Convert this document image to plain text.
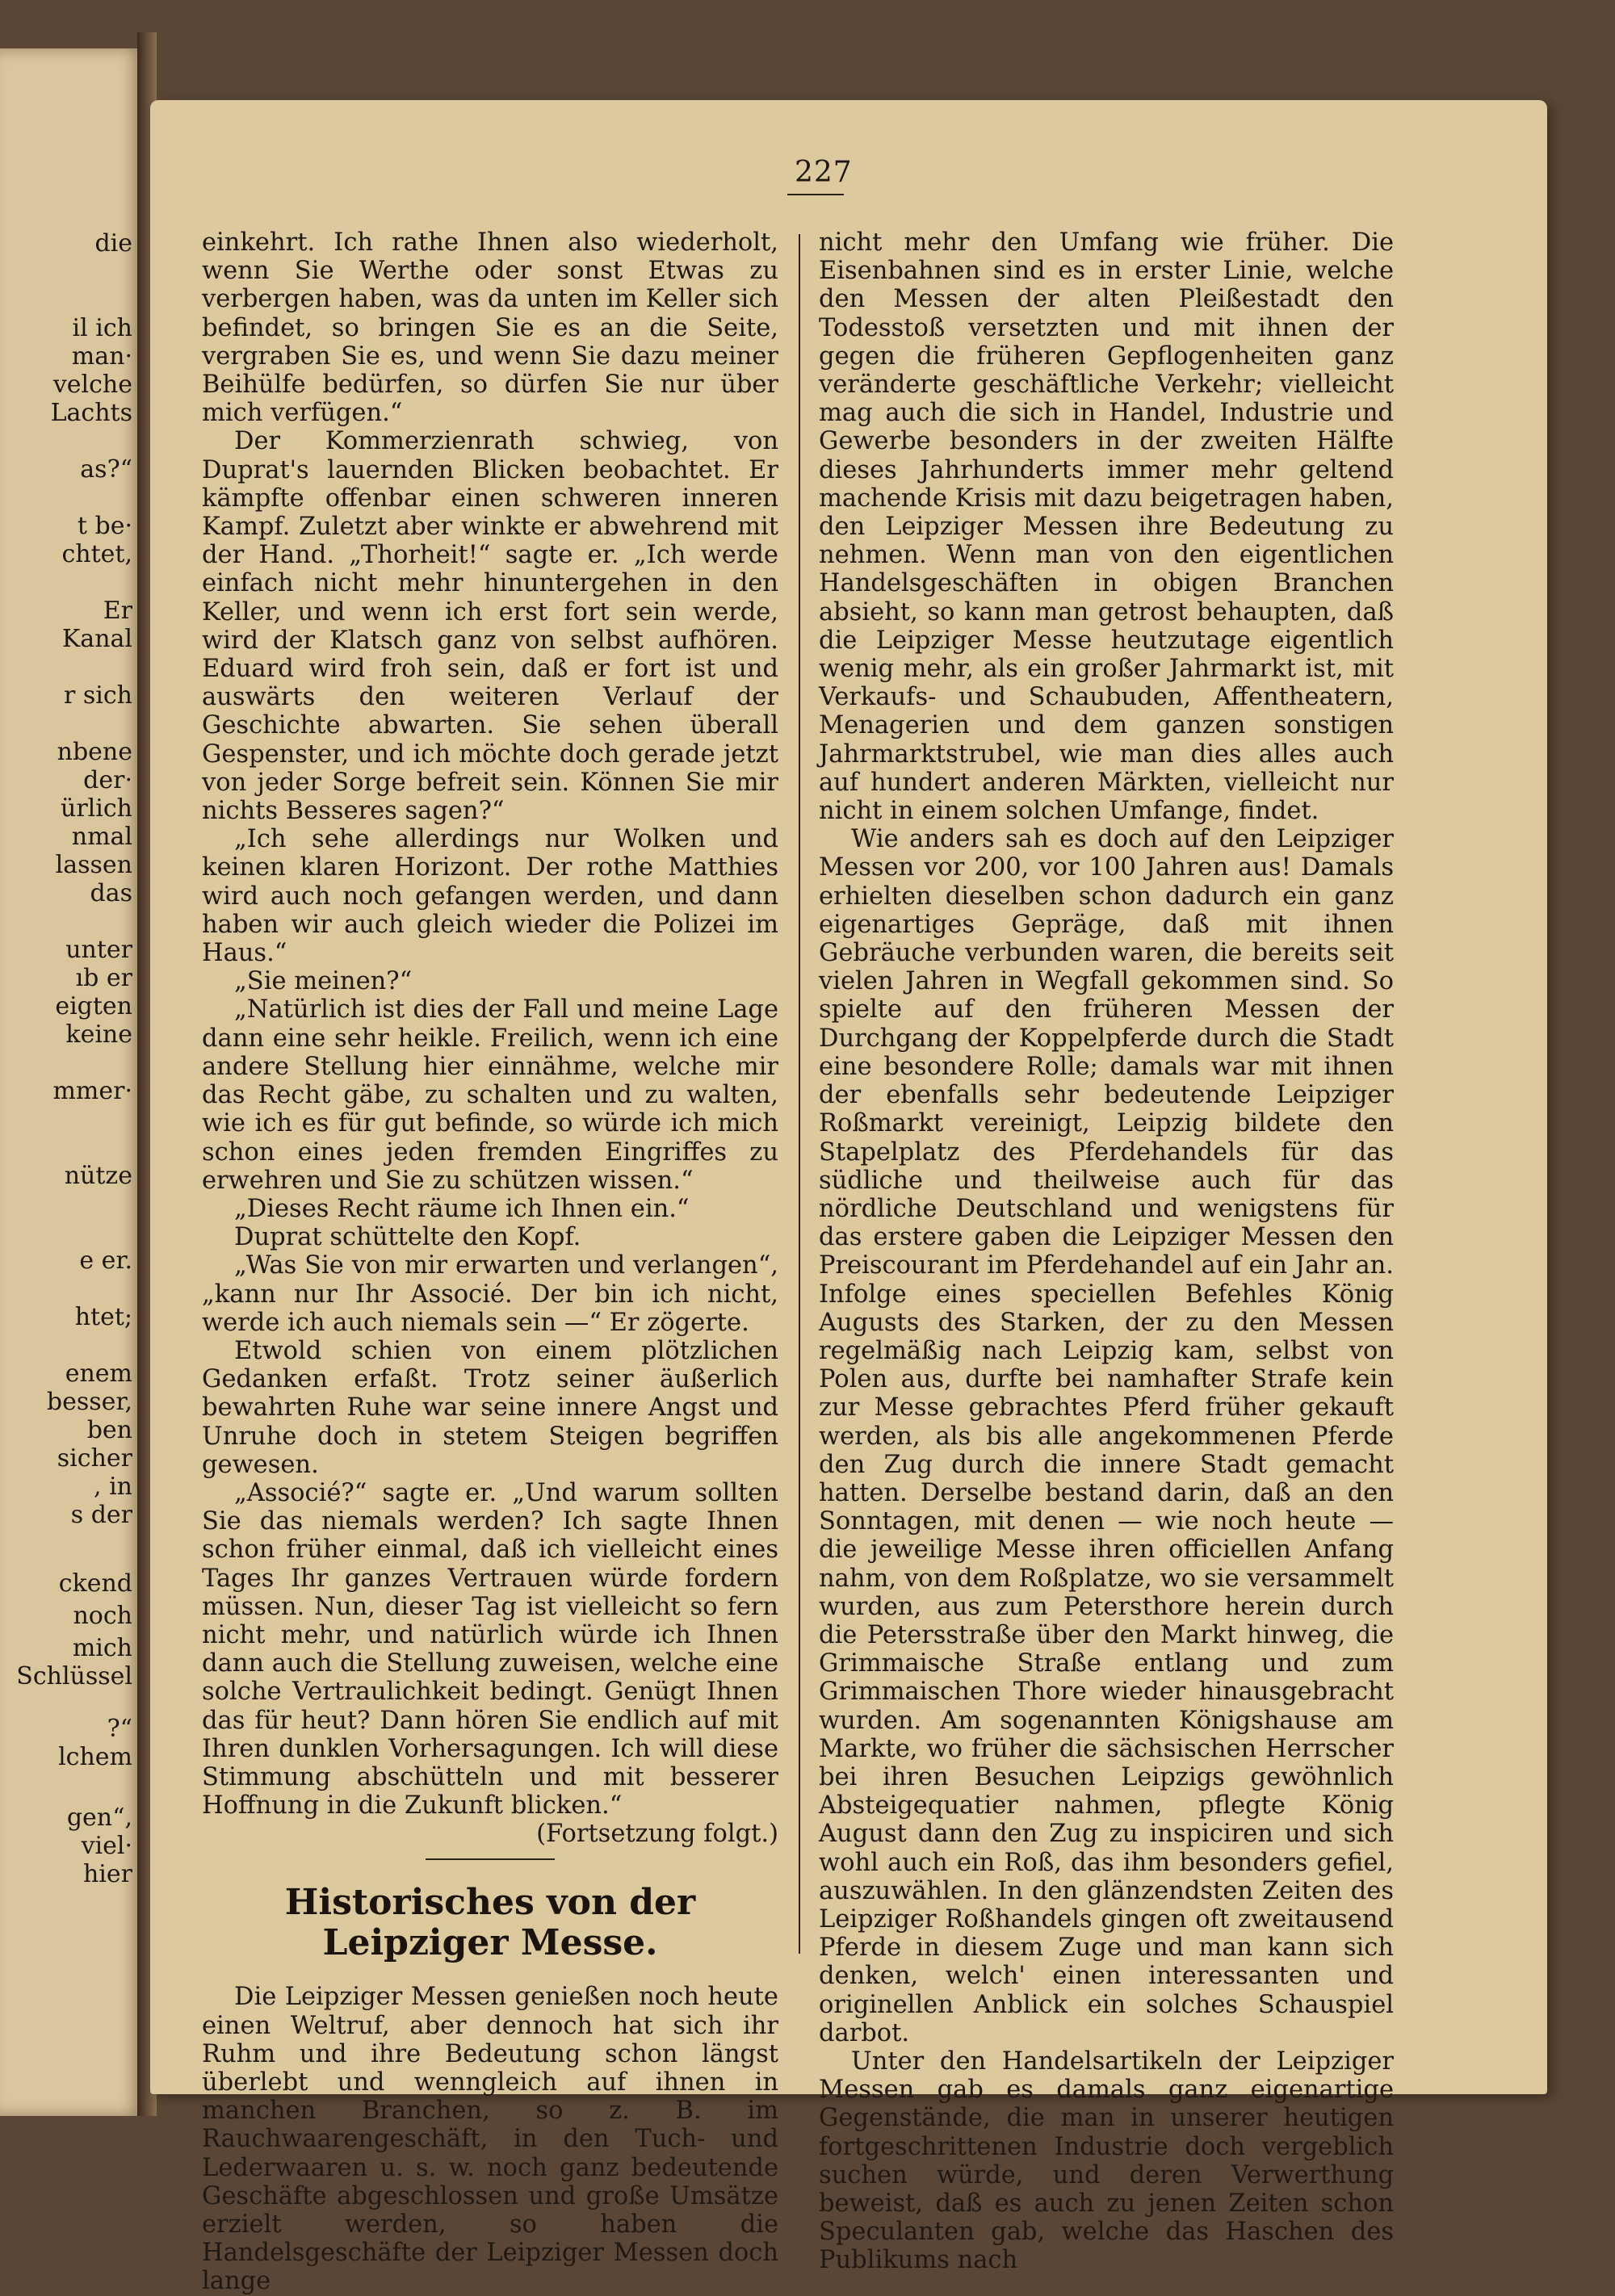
die
il ich
man·
velche
Lachts
as?“
t be·
chtet,
Er
Kanal
r sich
nbene
der·
ürlich
nmal
lassen
das
unter
ıb er
eigten
keine
mmer·
nütze
e er.
htet;
enem
besser,
ben
sicher
, in
s der
ckend
noch
mich
Schlüssel
?“
lchem
gen“,
viel·
hier
227

einkehrt. Ich rathe Ihnen also wiederholt, wenn Sie Werthe oder sonst Etwas zu verbergen haben, was da unten im Keller sich befindet, so bringen Sie es an die Seite, vergraben Sie es, und wenn Sie dazu meiner Beihülfe bedürfen, so dürfen Sie nur über mich verfügen.“

Der Kommerzienrath schwieg, von Duprat's lauernden Blicken beobachtet. Er kämpfte offenbar einen schweren inneren Kampf. Zuletzt aber winkte er abwehrend mit der Hand. „Thorheit!“ sagte er. „Ich werde einfach nicht mehr hinuntergehen in den Keller, und wenn ich erst fort sein werde, wird der Klatsch ganz von selbst aufhören. Eduard wird froh sein, daß er fort ist und auswärts den weiteren Verlauf der Geschichte abwarten. Sie sehen überall Gespenster, und ich möchte doch gerade jetzt von jeder Sorge befreit sein. Können Sie mir nichts Besseres sagen?“

„Ich sehe allerdings nur Wolken und keinen klaren Horizont. Der rothe Matthies wird auch noch gefangen werden, und dann haben wir auch gleich wieder die Polizei im Haus.“

„Sie meinen?“

„Natürlich ist dies der Fall und meine Lage dann eine sehr heikle. Freilich, wenn ich eine andere Stellung hier einnähme, welche mir das Recht gäbe, zu schalten und zu walten, wie ich es für gut befinde, so würde ich mich schon eines jeden fremden Eingriffes zu erwehren und Sie zu schützen wissen.“

„Dieses Recht räume ich Ihnen ein.“

Duprat schüttelte den Kopf.

„Was Sie von mir erwarten und verlangen“, „kann nur Ihr Associé. Der bin ich nicht, werde ich auch niemals sein —“ Er zögerte.

Etwold schien von einem plötzlichen Gedanken erfaßt. Trotz seiner äußerlich bewahrten Ruhe war seine innere Angst und Unruhe doch in stetem Steigen begriffen gewesen.

„Associé?“ sagte er. „Und warum sollten Sie das niemals werden? Ich sagte Ihnen schon früher einmal, daß ich vielleicht eines Tages Ihr ganzes Vertrauen würde fordern müssen. Nun, dieser Tag ist vielleicht so fern nicht mehr, und natürlich würde ich Ihnen dann auch die Stellung zuweisen, welche eine solche Vertraulichkeit bedingt. Genügt Ihnen das für heut? Dann hören Sie endlich auf mit Ihren dunklen Vorhersagungen. Ich will diese Stimmung abschütteln und mit besserer Hoffnung in die Zukunft blicken.“
(Fortsetzung folgt.)

Historisches von der Leipziger Messe.

Die Leipziger Messen genießen noch heute einen Weltruf, aber dennoch hat sich ihr Ruhm und ihre Bedeutung schon längst überlebt und wenngleich auf ihnen in manchen Branchen, so z. B. im Rauchwaarengeschäft, in den Tuch- und Lederwaaren u. s. w. noch ganz bedeutende Geschäfte abgeschlossen und große Umsätze erzielt werden, so haben die Handelsgeschäfte der Leipziger Messen doch lange

nicht mehr den Umfang wie früher. Die Eisenbahnen sind es in erster Linie, welche den Messen der alten Pleißestadt den Todesstoß versetzten und mit ihnen der gegen die früheren Gepflogenheiten ganz veränderte geschäftliche Verkehr; vielleicht mag auch die sich in Handel, Industrie und Gewerbe besonders in der zweiten Hälfte dieses Jahrhunderts immer mehr geltend machende Krisis mit dazu beigetragen haben, den Leipziger Messen ihre Bedeutung zu nehmen. Wenn man von den eigentlichen Handelsgeschäften in obigen Branchen absieht, so kann man getrost behaupten, daß die Leipziger Messe heutzutage eigentlich wenig mehr, als ein großer Jahrmarkt ist, mit Verkaufs- und Schaubuden, Affentheatern, Menagerien und dem ganzen sonstigen Jahrmarktstrubel, wie man dies alles auch auf hundert anderen Märkten, vielleicht nur nicht in einem solchen Umfange, findet.

Wie anders sah es doch auf den Leipziger Messen vor 200, vor 100 Jahren aus! Damals erhielten dieselben schon dadurch ein ganz eigenartiges Gepräge, daß mit ihnen Gebräuche verbunden waren, die bereits seit vielen Jahren in Wegfall gekommen sind. So spielte auf den früheren Messen der Durchgang der Koppelpferde durch die Stadt eine besondere Rolle; damals war mit ihnen der ebenfalls sehr bedeutende Leipziger Roßmarkt vereinigt, Leipzig bildete den Stapelplatz des Pferdehandels für das südliche und theilweise auch für das nördliche Deutschland und wenigstens für das erstere gaben die Leipziger Messen den Preiscourant im Pferdehandel auf ein Jahr an. Infolge eines speciellen Befehles König Augusts des Starken, der zu den Messen regelmäßig nach Leipzig kam, selbst von Polen aus, durfte bei namhafter Strafe kein zur Messe gebrachtes Pferd früher gekauft werden, als bis alle angekommenen Pferde den Zug durch die innere Stadt gemacht hatten. Derselbe bestand darin, daß an den Sonntagen, mit denen — wie noch heute — die jeweilige Messe ihren officiellen Anfang nahm, von dem Roßplatze, wo sie versammelt wurden, aus zum Petersthore herein durch die Petersstraße über den Markt hinweg, die Grimmaische Straße entlang und zum Grimmaischen Thore wieder hinausgebracht wurden. Am sogenannten Königshause am Markte, wo früher die sächsischen Herrscher bei ihren Besuchen Leipzigs gewöhnlich Absteigequatier nahmen, pflegte König August dann den Zug zu inspiciren und sich wohl auch ein Roß, das ihm besonders gefiel, auszuwählen. In den glänzendsten Zeiten des Leipziger Roßhandels gingen oft zweitausend Pferde in diesem Zuge und man kann sich denken, welch' einen interessanten und originellen Anblick ein solches Schauspiel darbot.

Unter den Handelsartikeln der Leipziger Messen gab es damals ganz eigenartige Gegenstände, die man in unserer heutigen fortgeschrittenen Industrie doch vergeblich suchen würde, und deren Verwerthung beweist, daß es auch zu jenen Zeiten schon Speculanten gab, welche das Haschen des Publikums nach
